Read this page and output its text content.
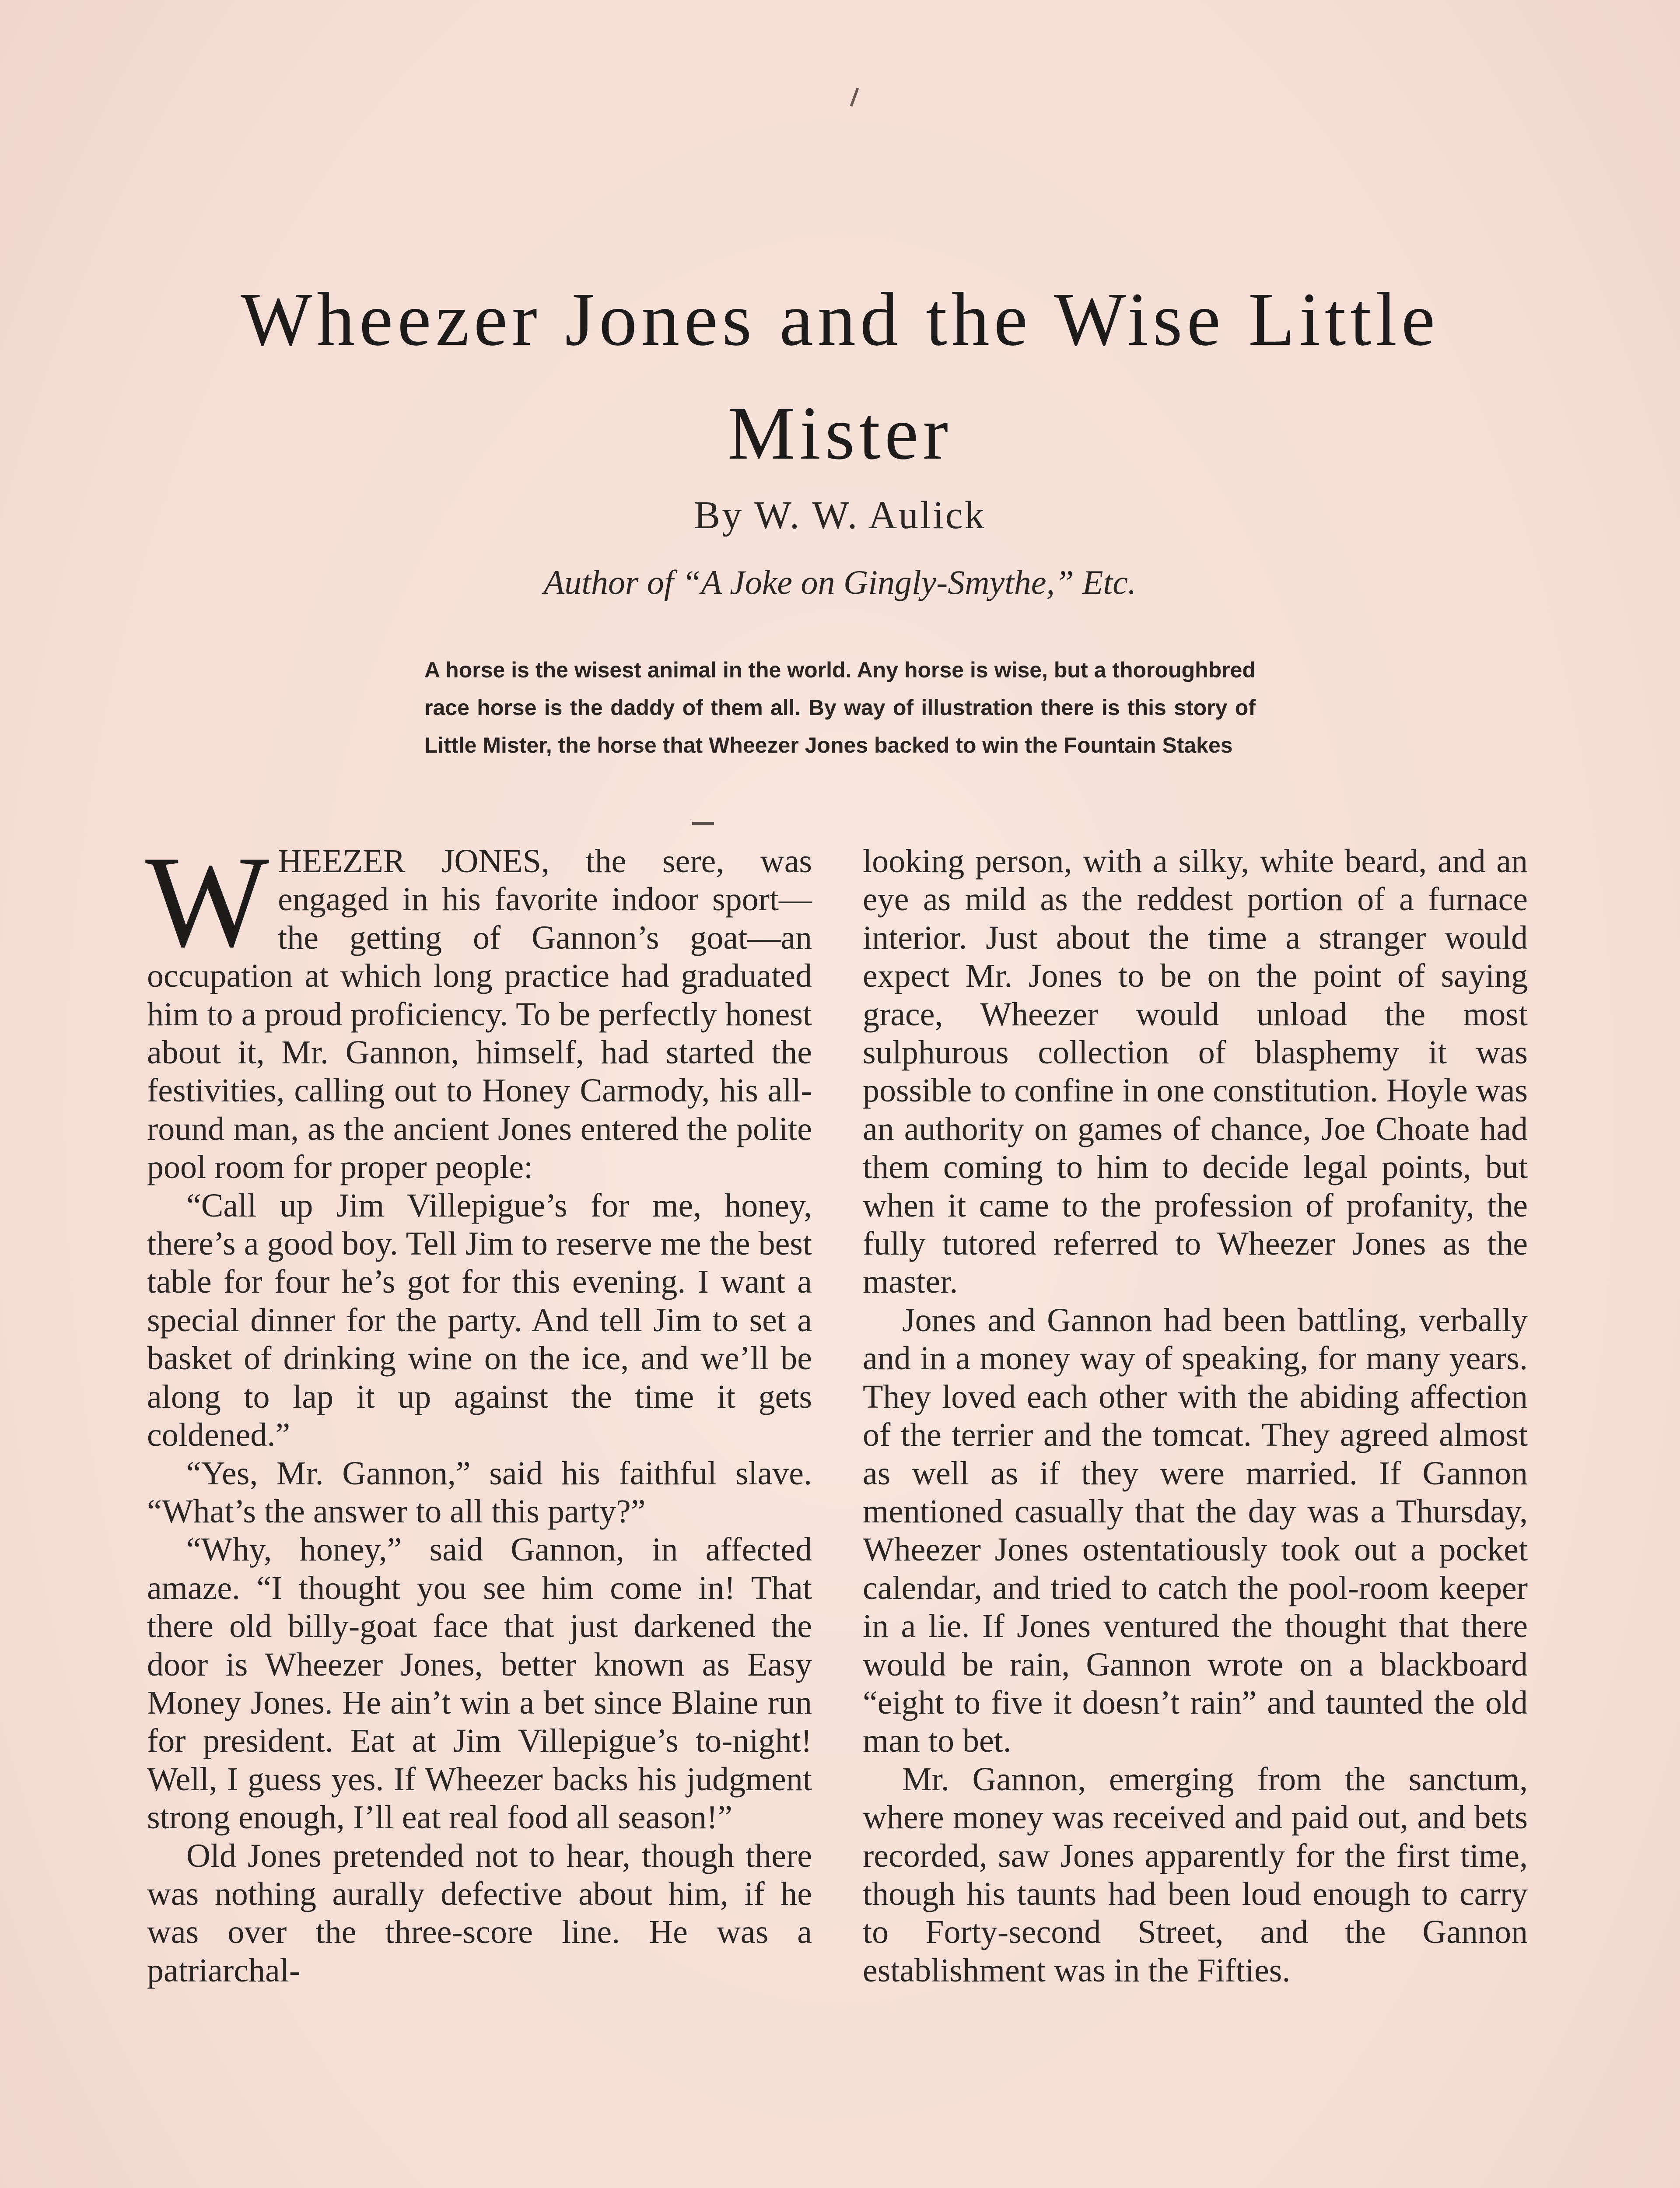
Wheezer Jones and the Wise Little Mister
By W. W. Aulick
Author of “A Joke on Gingly-Smythe,” Etc.
A horse is the wisest animal in the world. Any horse is wise, but a thoroughbred race horse is the daddy of them all. By way of illustration there is this story of Little Mister, the horse that Wheezer Jones backed to win the Fountain Stakes

WHEEZER JONES, the sere, was engaged in his favorite indoor sport—the getting of Gannon’s goat—an occupation at which long practice had graduated him to a proud proficiency. To be perfectly honest about it, Mr. Gannon, himself, had started the festivities, calling out to Honey Carmody, his all-round man, as the ancient Jones entered the polite pool room for proper people:

“Call up Jim Villepigue’s for me, honey, there’s a good boy. Tell Jim to reserve me the best table for four he’s got for this evening. I want a special dinner for the party. And tell Jim to set a basket of drinking wine on the ice, and we’ll be along to lap it up against the time it gets coldened.”

“Yes, Mr. Gannon,” said his faithful slave. “What’s the answer to all this party?”

“Why, honey,” said Gannon, in affected amaze. “I thought you see him come in! That there old billy-goat face that just darkened the door is Wheezer Jones, better known as Easy Money Jones. He ain’t win a bet since Blaine run for president. Eat at Jim Villepigue’s to-night! Well, I guess yes. If Wheezer backs his judgment strong enough, I’ll eat real food all season!”

Old Jones pretended not to hear, though there was nothing aurally defective about him, if he was over the three-score line. He was a patriarchal-

looking person, with a silky, white beard, and an eye as mild as the reddest portion of a furnace interior. Just about the time a stranger would expect Mr. Jones to be on the point of saying grace, Wheezer would unload the most sulphurous collection of blasphemy it was possible to confine in one constitution. Hoyle was an authority on games of chance, Joe Choate had them coming to him to decide legal points, but when it came to the profession of profanity, the fully tutored referred to Wheezer Jones as the master.

Jones and Gannon had been battling, verbally and in a money way of speaking, for many years. They loved each other with the abiding affection of the terrier and the tomcat. They agreed almost as well as if they were married. If Gannon mentioned casually that the day was a Thursday, Wheezer Jones ostentatiously took out a pocket calendar, and tried to catch the pool-room keeper in a lie. If Jones ventured the thought that there would be rain, Gannon wrote on a blackboard “eight to five it doesn’t rain” and taunted the old man to bet.

Mr. Gannon, emerging from the sanctum, where money was received and paid out, and bets recorded, saw Jones apparently for the first time, though his taunts had been loud enough to carry to Forty-second Street, and the Gannon establishment was in the Fifties.
